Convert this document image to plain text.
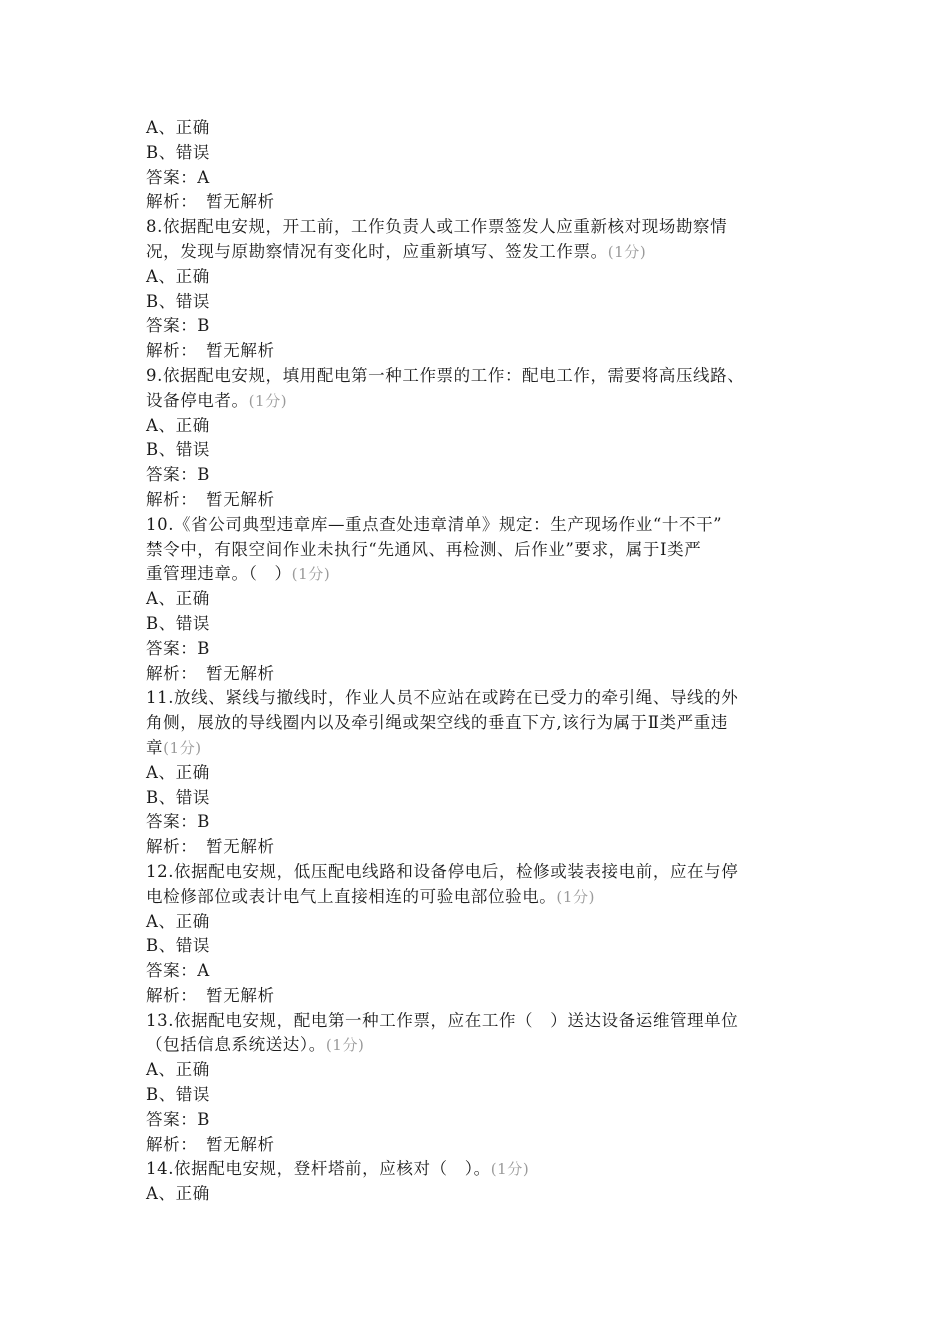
A、正确
B、错误
答案：A
解析：　暂无解析
8.依据配电安规，开工前，工作负责人或工作票签发人应重新核对现场勘察情
况，发现与原勘察情况有变化时，应重新填写、签发工作票。(1分)
A、正确
B、错误
答案：B
解析：　暂无解析
9.依据配电安规，填用配电第一种工作票的工作：配电工作，需要将高压线路、
设备停电者。(1分)
A、正确
B、错误
答案：B
解析：　暂无解析
10.《省公司典型违章库—重点查处违章清单》规定：生产现场作业“十不干”
禁令中，有限空间作业未执行“先通风、再检测、后作业”要求，属于Ⅰ类严
重管理违章。（　）(1分)
A、正确
B、错误
答案：B
解析：　暂无解析
11.放线、紧线与撤线时，作业人员不应站在或跨在已受力的牵引绳、导线的外
角侧，展放的导线圈内以及牵引绳或架空线的垂直下方,该行为属于Ⅱ类严重违
章(1分)
A、正确
B、错误
答案：B
解析：　暂无解析
12.依据配电安规，低压配电线路和设备停电后，检修或装表接电前，应在与停
电检修部位或表计电气上直接相连的可验电部位验电。(1分)
A、正确
B、错误
答案：A
解析：　暂无解析
13.依据配电安规，配电第一种工作票，应在工作（　）送达设备运维管理单位
（包括信息系统送达）。(1分)
A、正确
B、错误
答案：B
解析：　暂无解析
14.依据配电安规，登杆塔前，应核对（　）。(1分)
A、正确
